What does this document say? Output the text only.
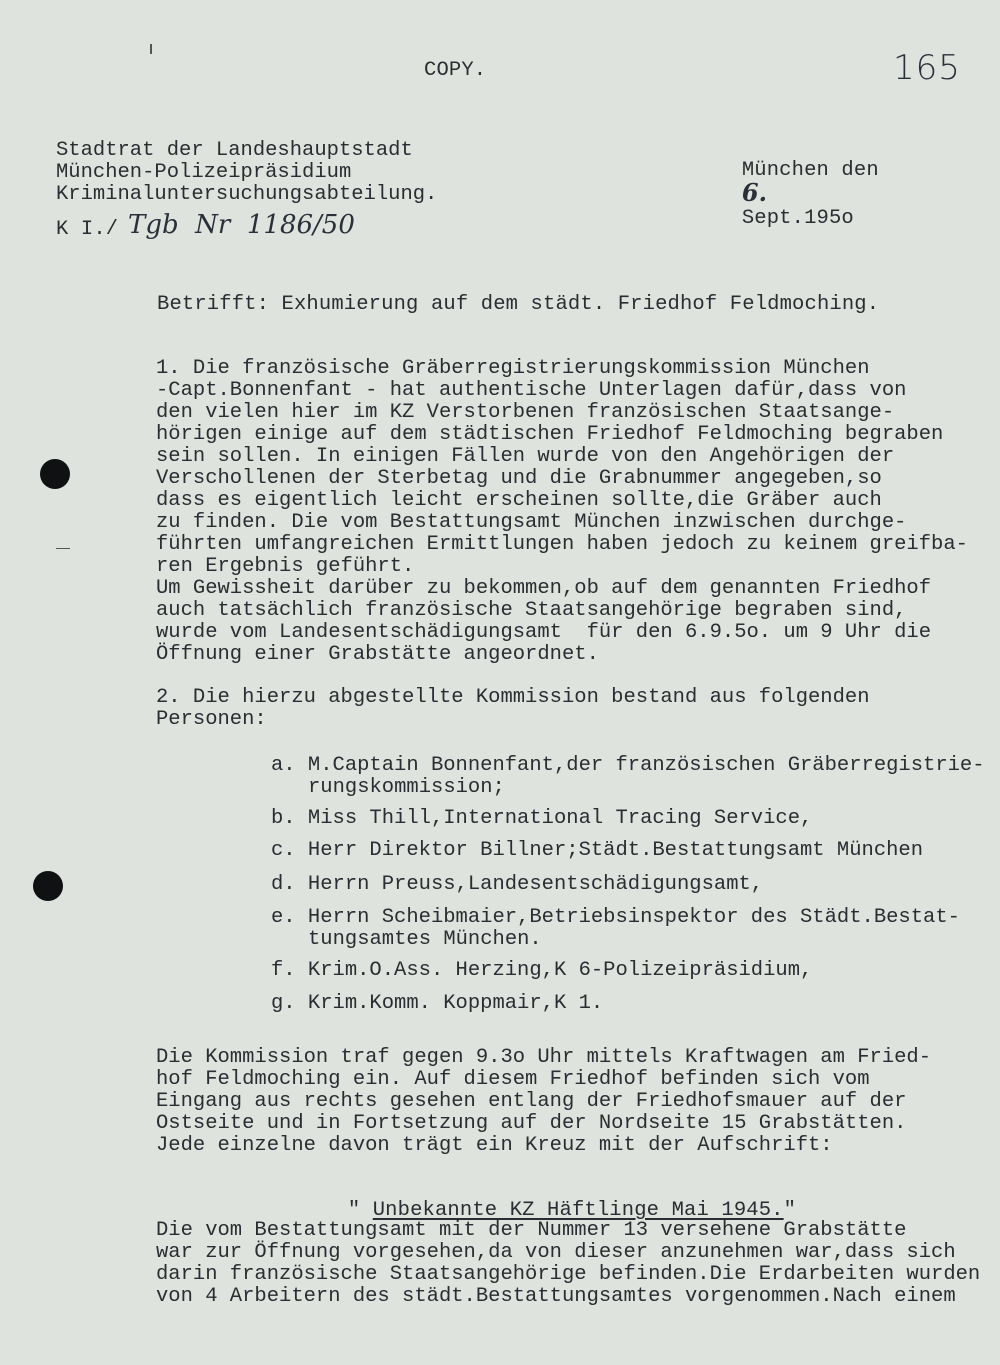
COPY.	165
Stadtrat der Landeshauptstadt
München-Polizeipräsidium
Kriminaluntersuchungsabteilung.
K I./ Tgb  Nr  1186/50

München den
6.
Sept.195o

Betrifft: Exhumierung auf dem städt. Friedhof Feldmoching.
1. Die französische Gräberregistrierungskommission München
-Capt.Bonnenfant - hat authentische Unterlagen dafür,dass von
den vielen hier im KZ Verstorbenen französischen Staatsange-
hörigen einige auf dem städtischen Friedhof Feldmoching begraben
sein sollen. In einigen Fällen wurde von den Angehörigen der
Verschollenen der Sterbetag und die Grabnummer angegeben,so
dass es eigentlich leicht erscheinen sollte,die Gräber auch
zu finden. Die vom Bestattungsamt München inzwischen durchge-
führten umfangreichen Ermittlungen haben jedoch zu keinem greifba-
ren Ergebnis geführt.
Um Gewissheit darüber zu bekommen,ob auf dem genannten Friedhof
auch tatsächlich französische Staatsangehörige begraben sind,
wurde vom Landesentschädigungsamt  für den 6.9.5o. um 9 Uhr die
Öffnung einer Grabstätte angeordnet.
2. Die hierzu abgestellte Kommission bestand aus folgenden
Personen:
a. M.Captain Bonnenfant,der französischen Gräberregistrie-
rungskommission;
b. Miss Thill,International Tracing Service,
c. Herr Direktor Billner;Städt.Bestattungsamt München
d. Herrn Preuss,Landesentschädigungsamt,
e. Herrn Scheibmaier,Betriebsinspektor des Städt.Bestat-
tungsamtes München.
f. Krim.O.Ass. Herzing,K 6-Polizeipräsidium,
g. Krim.Komm. Koppmair,K 1.
Die Kommission traf gegen 9.3o Uhr mittels Kraftwagen am Fried-
hof Feldmoching ein. Auf diesem Friedhof befinden sich vom
Eingang aus rechts gesehen entlang der Friedhofsmauer auf der
Ostseite und in Fortsetzung auf der Nordseite 15 Grabstätten.
Jede einzelne davon trägt ein Kreuz mit der Aufschrift:

" Unbekannte KZ Häftlinge Mai 1945."

Die vom Bestattungsamt mit der Nummer 13 versehene Grabstätte
war zur Öffnung vorgesehen,da von dieser anzunehmen war,dass sich
darin französische Staatsangehörige befinden.Die Erdarbeiten wurden
von 4 Arbeitern des städt.Bestattungsamtes vorgenommen.Nach einem
